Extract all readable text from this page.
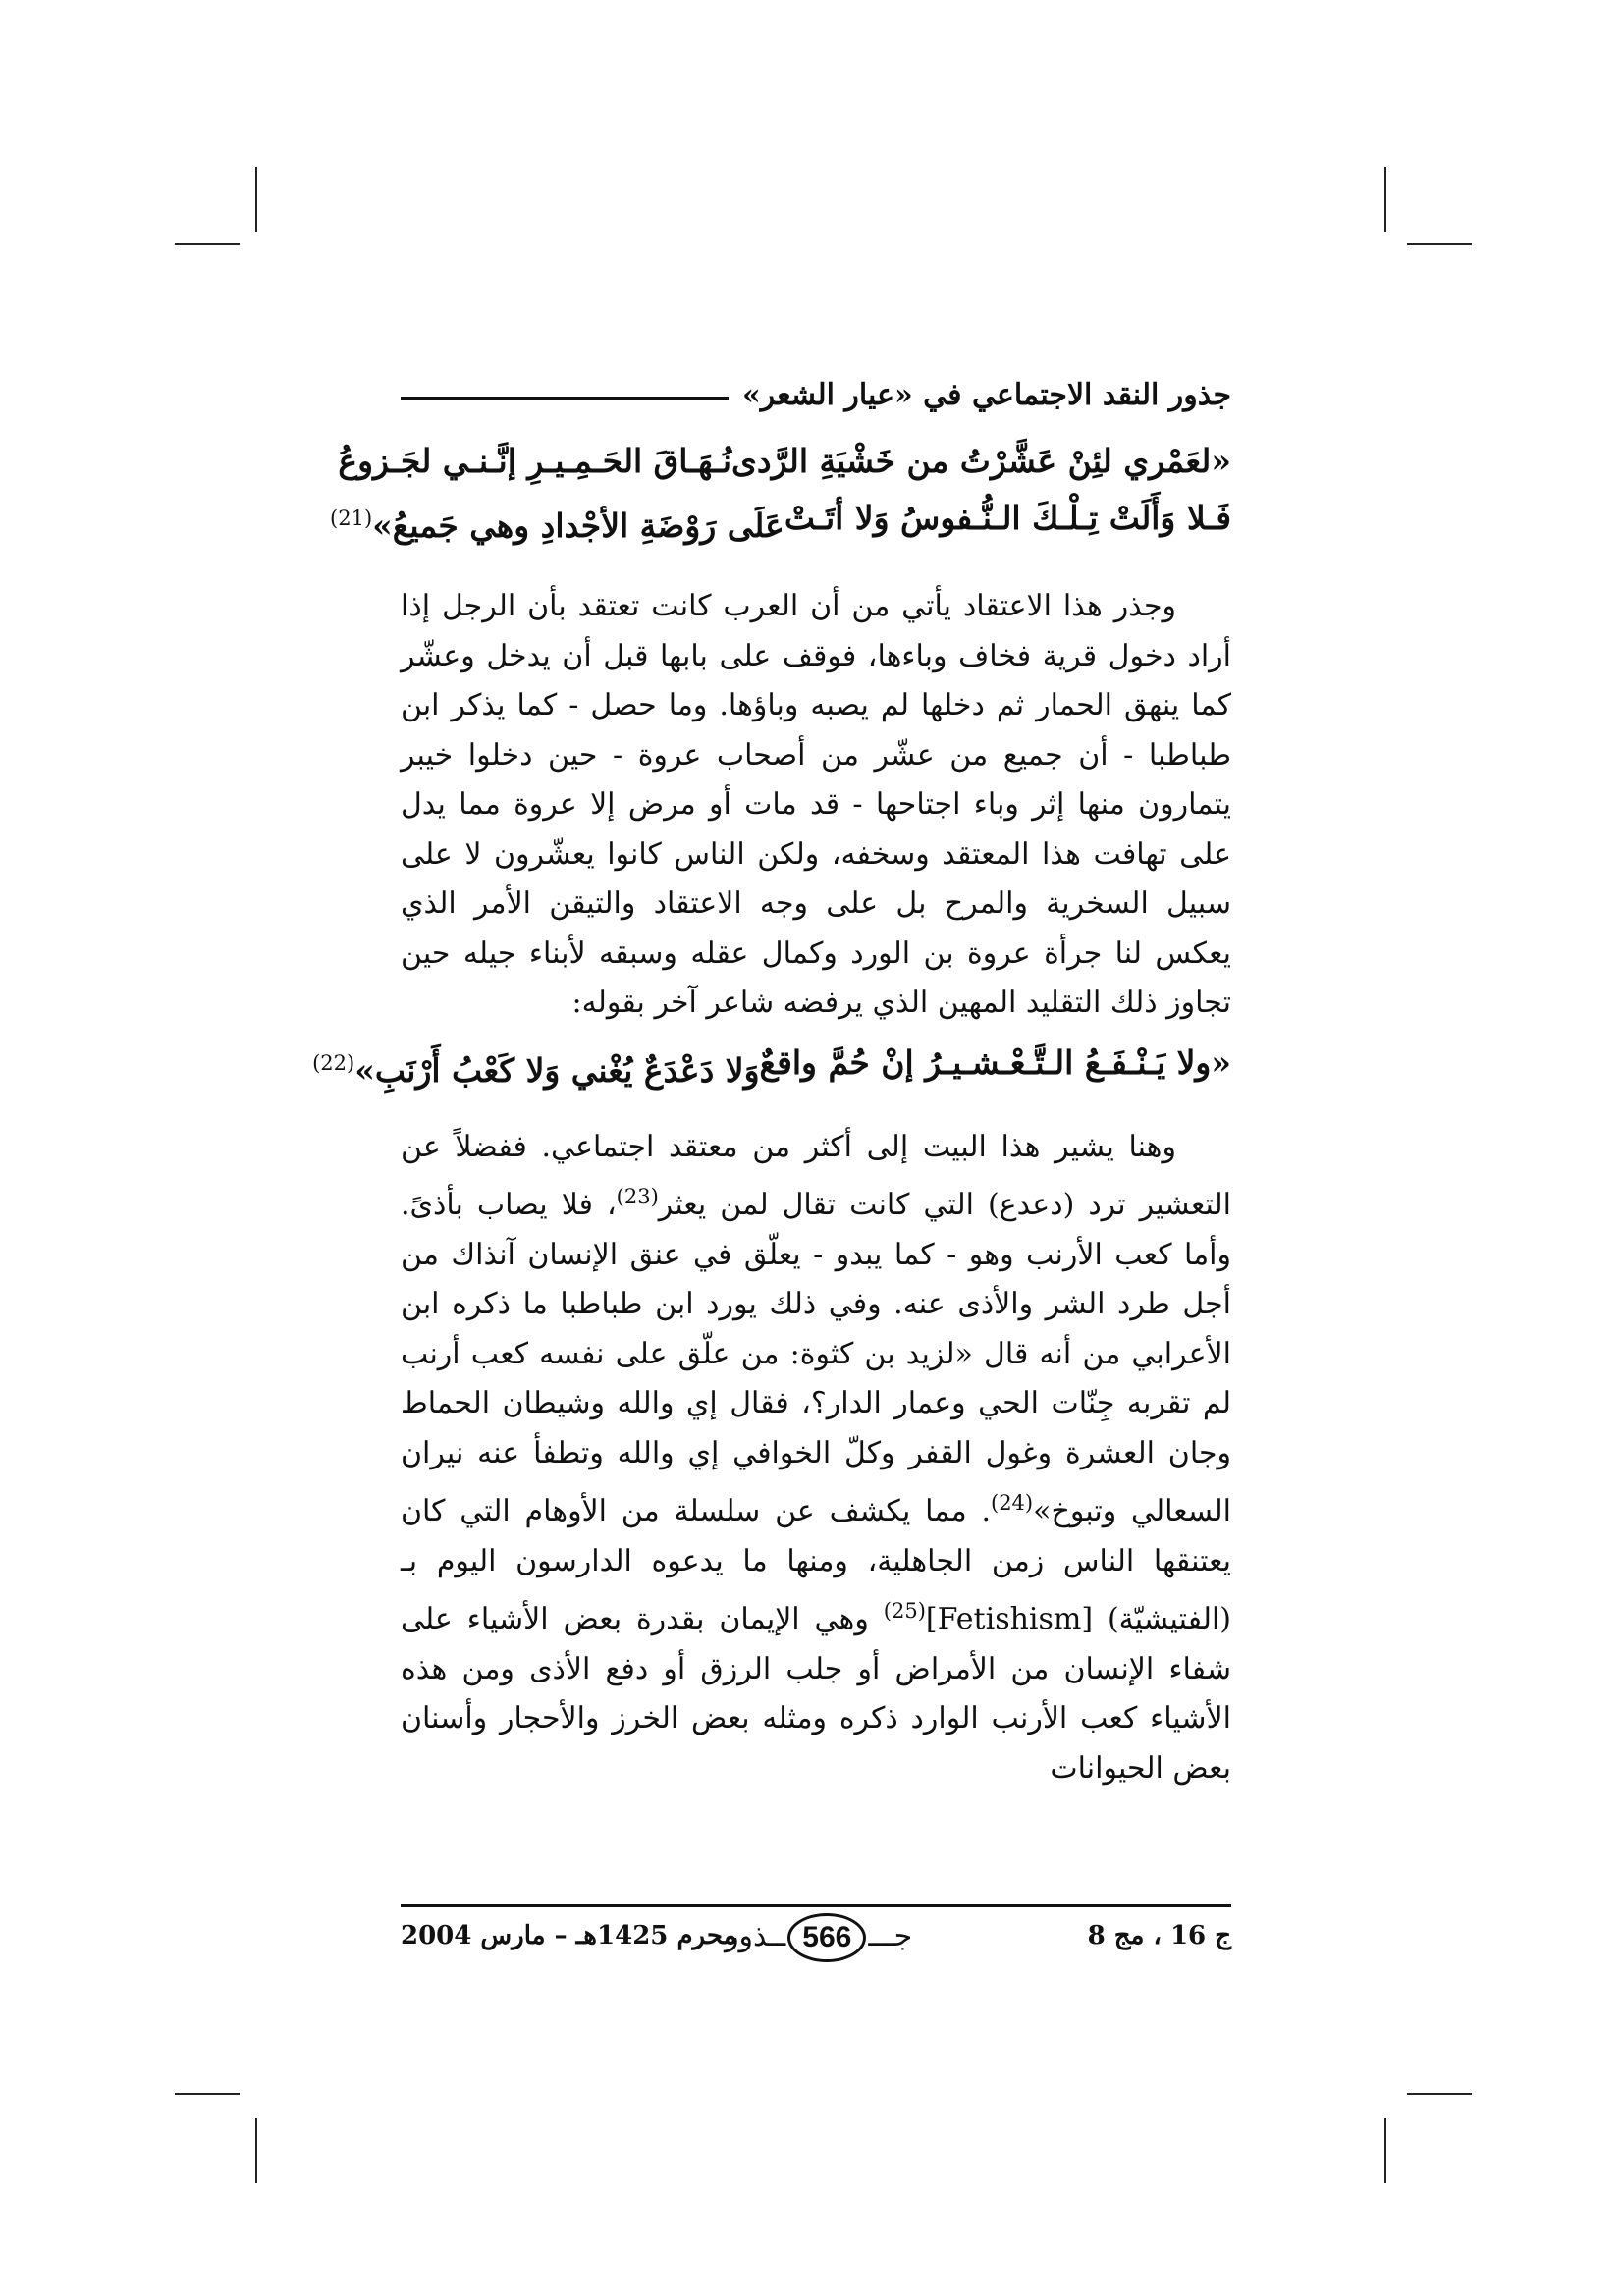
جذور النقد الاجتماعي في «عيار الشعر»
«لعَمْري لئِنْ عَشَّرْتُ من خَشْيَةِ الرَّدى
نُـهَـاقَ الحَـمِـيـرِ إنَّـنـي لجَـزوعُ
فَـلا وَأَلَتْ تِـلْـكَ الـنُّـفوسُ وَلا أتَـتْ
عَلَى رَوْضَةِ الأجْدادِ وهي جَميعُ»$^{(21)}$

وجذر هذا الاعتقاد يأتي من أن العرب كانت تعتقد بأن الرجل إذا أراد دخول قرية فخاف وباءها، فوقف على بابها قبل أن يدخل وعشّر كما ينهق الحمار ثم دخلها لم يصبه وباؤها. وما حصل - كما يذكر ابن طباطبا - أن جميع من عشّر من أصحاب عروة - حين دخلوا خيبر يتمارون منها إثر وباء اجتاحها - قد مات أو مرض إلا عروة مما يدل على تهافت هذا المعتقد وسخفه، ولكن الناس كانوا يعشّرون لا على سبيل السخرية والمرح بل على وجه الاعتقاد والتيقن الأمر الذي يعكس لنا جرأة عروة بن الورد وكمال عقله وسبقه لأبناء جيله حين تجاوز ذلك التقليد المهين الذي يرفضه شاعر آخر بقوله:

«ولا يَـنْـفَـعُ الـتَّـعْـشـيـرُ إنْ حُمَّ واقعٌ
وَلا دَعْدَعٌ يُغْني وَلا كَعْبُ أَرْنَبِ»$^{(22)}$

وهنا يشير هذا البيت إلى أكثر من معتقد اجتماعي. ففضلاً عن التعشير ترد (دعدع) التي كانت تقال لمن يعثر$^{(23)}$، فلا يصاب بأذىً. وأما كعب الأرنب وهو - كما يبدو - يعلّق في عنق الإنسان آنذاك من أجل طرد الشر والأذى عنه. وفي ذلك يورد ابن طباطبا ما ذكره ابن الأعرابي من أنه قال «لزيد بن كثوة: من علّق على نفسه كعب أرنب لم تقربه جِنّات الحي وعمار الدار؟، فقال إي والله وشيطان الحماط وجان العشرة وغول القفر وكلّ الخوافي إي والله وتطفأ عنه نيران السعالي وتبوخ»$^{(24)}$. مما يكشف عن سلسلة من الأوهام التي كان يعتنقها الناس زمن الجاهلية، ومنها ما يدعوه الدارسون اليوم بـ (الفتيشيّة) [Fetishism]$^{(25)}$ وهي الإيمان بقدرة بعض الأشياء على شفاء الإنسان من الأمراض أو جلب الرزق أو دفع الأذى ومن هذه الأشياء كعب الأرنب الوارد ذكره ومثله بعض الخرز والأحجار وأسنان بعض الحيوانات

ج 16 ، مج 8
جـــ566ــذور
محرم 1425هـ – مارس 2004
